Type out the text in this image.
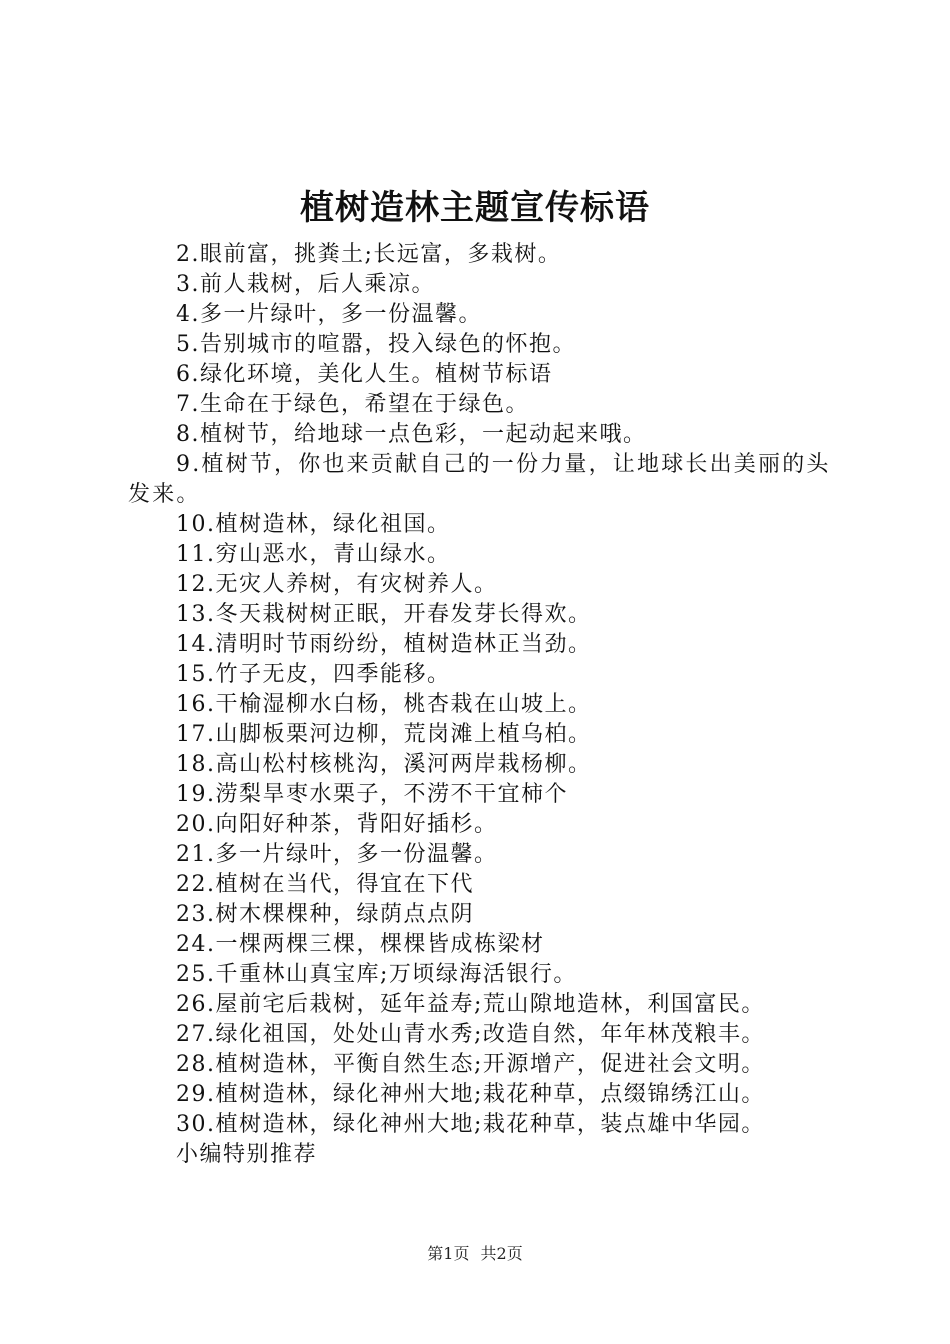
植树造林主题宣传标语

2.眼前富，挑粪土;长远富，多栽树。

3.前人栽树，后人乘凉。

4.多一片绿叶，多一份温馨。

5.告别城市的喧嚣，投入绿色的怀抱。

6.绿化环境，美化人生。植树节标语

7.生命在于绿色，希望在于绿色。

8.植树节，给地球一点色彩，一起动起来哦。

9.植树节，你也来贡献自己的一份力量，让地球长出美丽的头发来。

10.植树造林，绿化祖国。

11.穷山恶水，青山绿水。

12.无灾人养树，有灾树养人。

13.冬天栽树树正眠，开春发芽长得欢。

14.清明时节雨纷纷，植树造林正当劲。

15.竹子无皮，四季能移。

16.干榆湿柳水白杨，桃杏栽在山坡上。

17.山脚板栗河边柳，荒岗滩上植乌柏。

18.高山松村核桃沟，溪河两岸栽杨柳。

19.涝梨旱枣水栗子，不涝不干宜柿个

20.向阳好种茶，背阳好插杉。

21.多一片绿叶，多一份温馨。

22.植树在当代，得宜在下代

23.树木棵棵种，绿荫点点阴

24.一棵两棵三棵，棵棵皆成栋梁材

25.千重林山真宝库;万顷绿海活银行。

26.屋前宅后栽树，延年益寿;荒山隙地造林，利国富民。

27.绿化祖国，处处山青水秀;改造自然，年年林茂粮丰。

28.植树造林，平衡自然生态;开源增产，促进社会文明。

29.植树造林，绿化神州大地;栽花种草，点缀锦绣江山。

30.植树造林，绿化神州大地;栽花种草，装点雄中华园。

小编特别推荐

第1页 共2页
